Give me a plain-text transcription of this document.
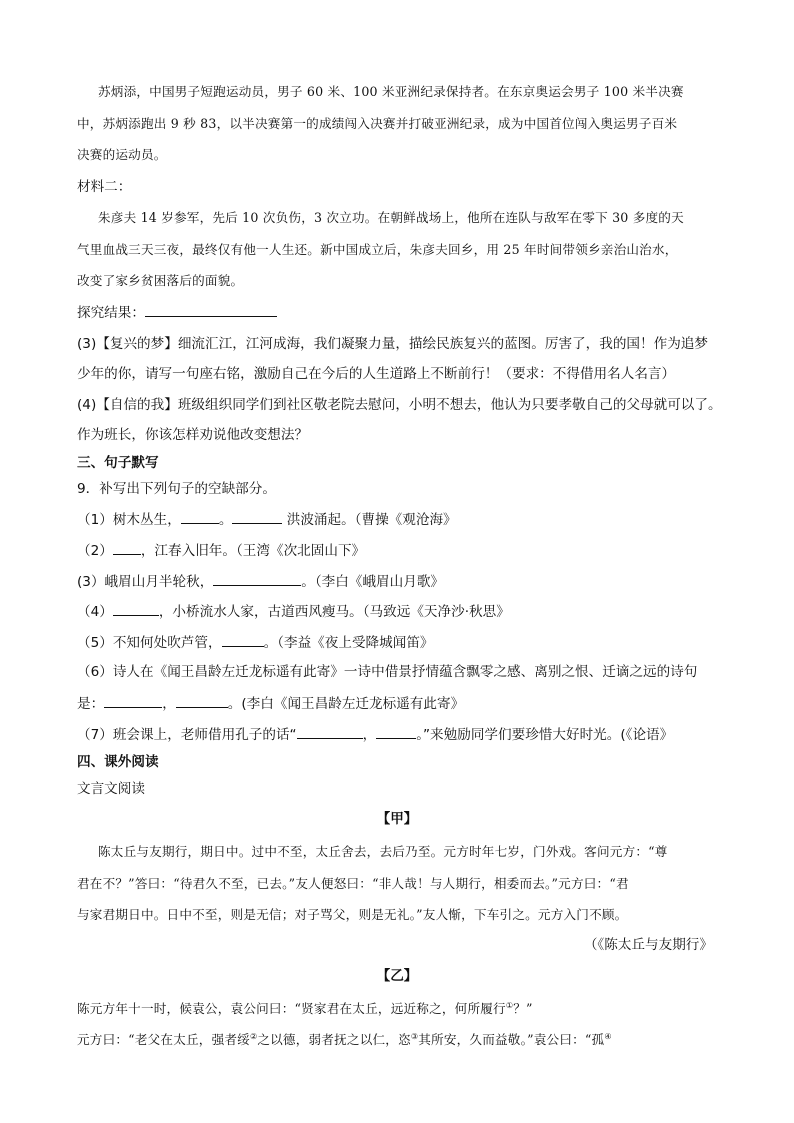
苏炳添，中国男子短跑运动员，男子 60 米、100 米亚洲纪录保持者。在东京奥运会男子 100 米半决赛
中，苏炳添跑出 9 秒 83，以半决赛第一的成绩闯入决赛并打破亚洲纪录，成为中国首位闯入奥运男子百米
决赛的运动员。
材料二：
朱彦夫 14 岁参军，先后 10 次负伤，3 次立功。在朝鲜战场上，他所在连队与敌军在零下 30 多度的天
气里血战三天三夜，最终仅有他一人生还。新中国成立后，朱彦夫回乡，用 25 年时间带领乡亲治山治水，
改变了家乡贫困落后的面貌。
探究结果：
(3)【复兴的梦】细流汇江，江河成海，我们凝聚力量，描绘民族复兴的蓝图。厉害了，我的国！作为追梦
少年的你，请写一句座右铭，激励自己在今后的人生道路上不断前行！（要求：不得借用名人名言）
(4)【自信的我】班级组织同学们到社区敬老院去慰问，小明不想去，他认为只要孝敬自己的父母就可以了。
作为班长，你该怎样劝说他改变想法？
三、句子默写
9．补写出下列句子的空缺部分。
（1）树木丛生，	。	洪波涌起。（曹操《观沧海》
（2） ，江春入旧年。（王湾《次北固山下》
(3）峨眉山月半轮秋，	。（李白《峨眉山月歌》
（4）	，小桥流水人家，古道西风瘦马。（马致远《天净沙·秋思》
（5）不知何处吹芦管，	。（李益《夜上受降城闻笛》
（6）诗人在《闻王昌龄左迁龙标遥有此寄》一诗中借景抒情蕴含飘零之感、离别之恨、迁谪之远的诗句
是：	，	。(李白《闻王昌龄左迁龙标遥有此寄》
（7）班会课上，老师借用孔子的话“	，	。”来勉励同学们要珍惜大好时光。(《论语》
四、课外阅读
文言文阅读
【甲】
陈太丘与友期行，期日中。过中不至，太丘舍去，去后乃至。元方时年七岁，门外戏。客问元方：“尊
君在不？”答曰：“待君久不至，已去。”友人便怒曰：“非人哉！与人期行，相委而去。”元方曰：“君
与家君期日中。日中不至，则是无信；对子骂父，则是无礼。”友人惭，下车引之。元方入门不顾。
（《陈太丘与友期行》
【乙】
陈元方年十一时，候袁公，袁公问曰：“贤家君在太丘，远近称之，何所履行①？”
元方曰：“老父在太丘，强者绥②之以德，弱者抚之以仁，恣③其所安，久而益敬。”袁公曰：“孤④
